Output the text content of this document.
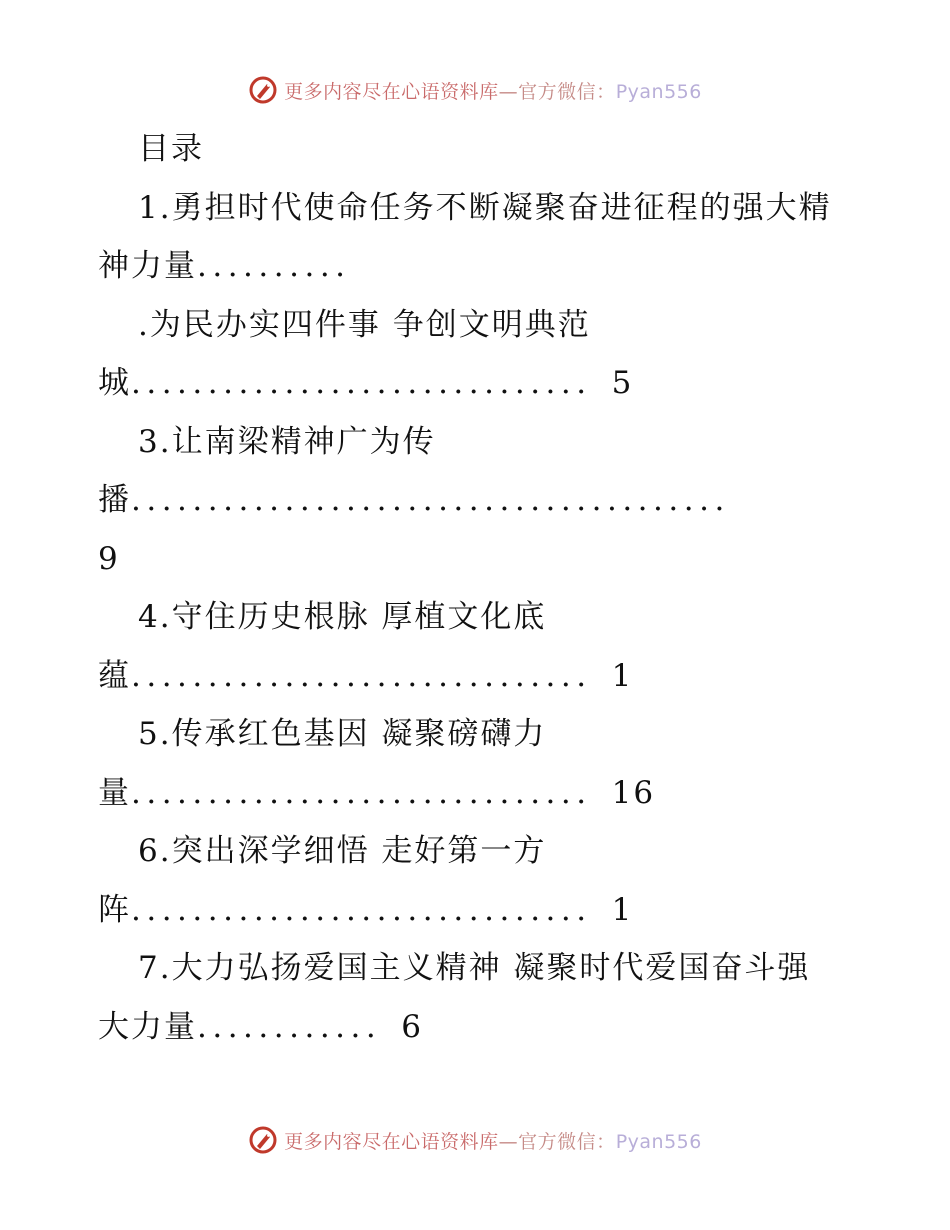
更多内容尽在心语资料库—官方微信：Pyan556
目录
1.勇担时代使命任务不断凝聚奋进征程的强大精
神力量..........
.为民办实四件事 争创文明典范
城.............................. 5
3.让南梁精神广为传
播.......................................
9
4.守住历史根脉 厚植文化底
蕴.............................. 1
5.传承红色基因 凝聚磅礴力
量.............................. 16
6.突出深学细悟 走好第一方
阵.............................. 1
7.大力弘扬爱国主义精神 凝聚时代爱国奋斗强
大力量............ 6
更多内容尽在心语资料库—官方微信：Pyan556
